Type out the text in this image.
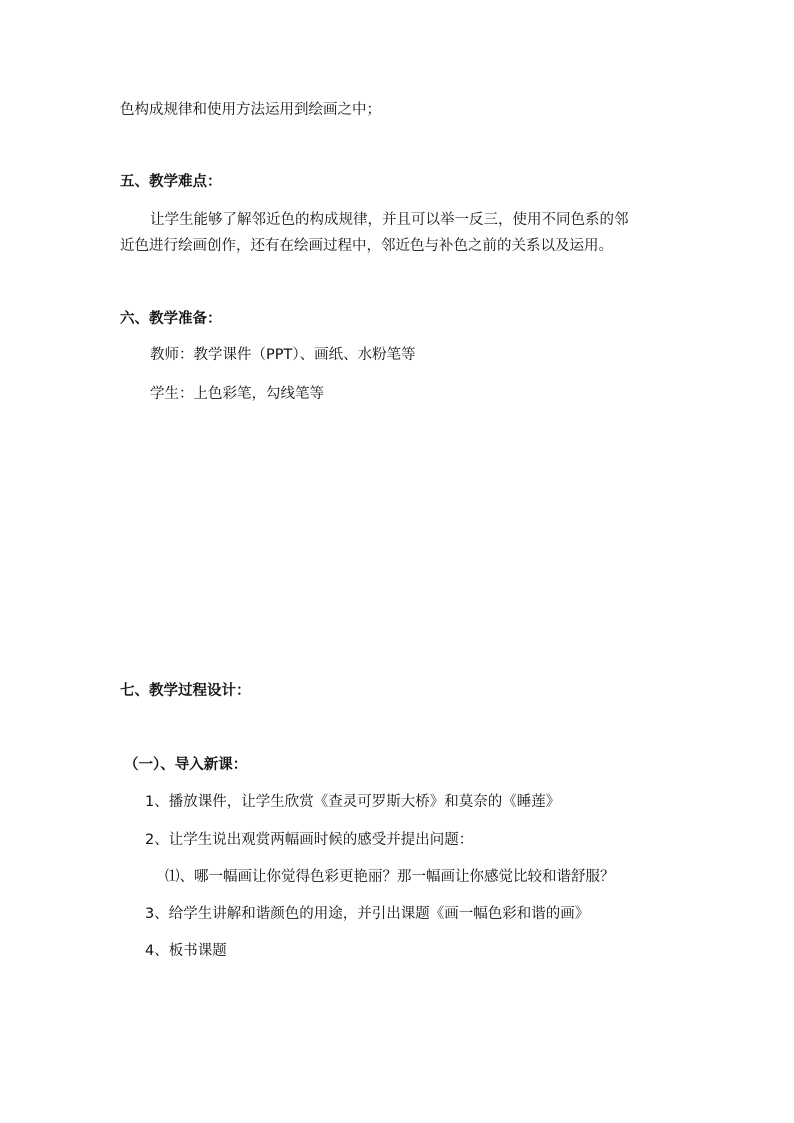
色构成规律和使用方法运用到绘画之中；
五、教学难点：
让学生能够了解邻近色的构成规律，并且可以举一反三，使用不同色系的邻
近色进行绘画创作，还有在绘画过程中，邻近色与补色之前的关系以及运用。
六、教学准备：
教师：教学课件（PPT）、画纸、水粉笔等
学生：上色彩笔，勾线笔等
七、教学过程设计：
（一）、导入新课：
1、播放课件，让学生欣赏《查灵可罗斯大桥》和莫奈的《睡莲》
2、让学生说出观赏两幅画时候的感受并提出问题：
⑴、哪一幅画让你觉得色彩更艳丽？那一幅画让你感觉比较和谐舒服？
3、给学生讲解和谐颜色的用途，并引出课题《画一幅色彩和谐的画》
4、板书课题
